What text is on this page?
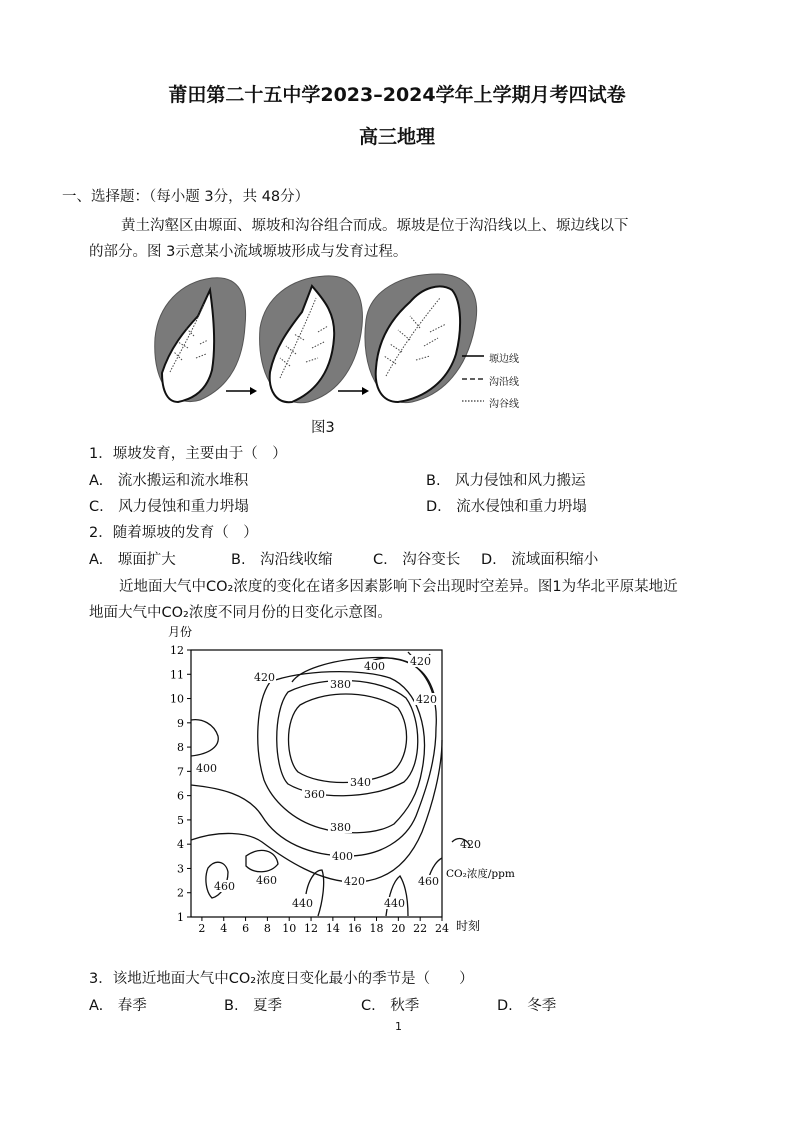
莆田第二十五中学2023–2024学年上学期月考四试卷
高三地理
一、选择题：（每小题 3分，共 48分）
黄土沟壑区由塬面、塬坡和沟谷组合而成。塬坡是位于沟沿线以上、塬边线以下
的部分。图 3示意某小流域塬坡形成与发育过程。
塬边线
沟沿线
沟谷线
图3
1．塬坡发育，主要由于（　）
A.　流水搬运和流水堆积	B.　风力侵蚀和风力搬运
C.　风力侵蚀和重力坍塌	D.　流水侵蚀和重力坍塌
2．随着塬坡的发育（　）
A.　塬面扩大	B.　沟沿线收缩	C.　沟谷变长 D.　流域面积缩小
近地面大气中CO₂浓度的变化在诸多因素影响下会出现时空差异。图1为华北平原某地近
地面大气中CO₂浓度不同月份的日变化示意图。
月份
420
400 420
420
380
400
340
360
380
400
420
460 460
440	440
460
420
CO₂浓度/ppm
时刻
2 4 6 8 10 12 14 16 18 20 22 24
1
2
3
4
5
6
7
8
9
10
11
12
3．该地近地面大气中CO₂浓度日变化最小的季节是（　　）
A.　春季	B.　夏季	C.　秋季	D.　冬季
1
